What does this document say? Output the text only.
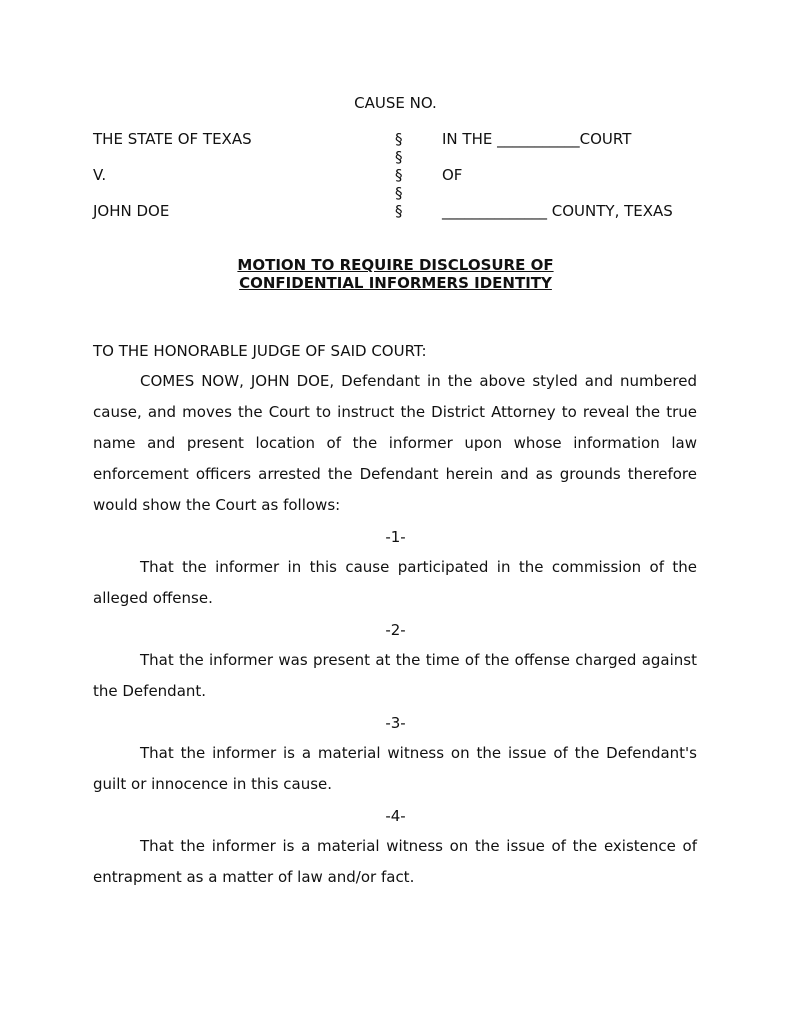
CAUSE NO.
THE STATE OF TEXAS	§	IN THE ___________COURT
§
V.	§	OF
§
JOHN DOE	§	______________ COUNTY, TEXAS
MOTION TO REQUIRE DISCLOSURE OF
CONFIDENTIAL INFORMERS IDENTITY
TO THE HONORABLE JUDGE OF SAID COURT:
COMES NOW, JOHN DOE, Defendant in the above styled and numbered cause, and moves the Court to instruct the District Attorney to reveal the true name and present location of the informer upon whose information law enforcement officers arrested the Defendant herein and as grounds therefore would show the Court as follows:
-1-
That the informer in this cause participated in the commission of the alleged offense.
-2-
That the informer was present at the time of the offense charged against the Defendant.
-3-
That the informer is a material witness on the issue of the Defendant's guilt or innocence in this cause.
-4-
That the informer is a material witness on the issue of the existence of entrapment as a matter of law and/or fact.
